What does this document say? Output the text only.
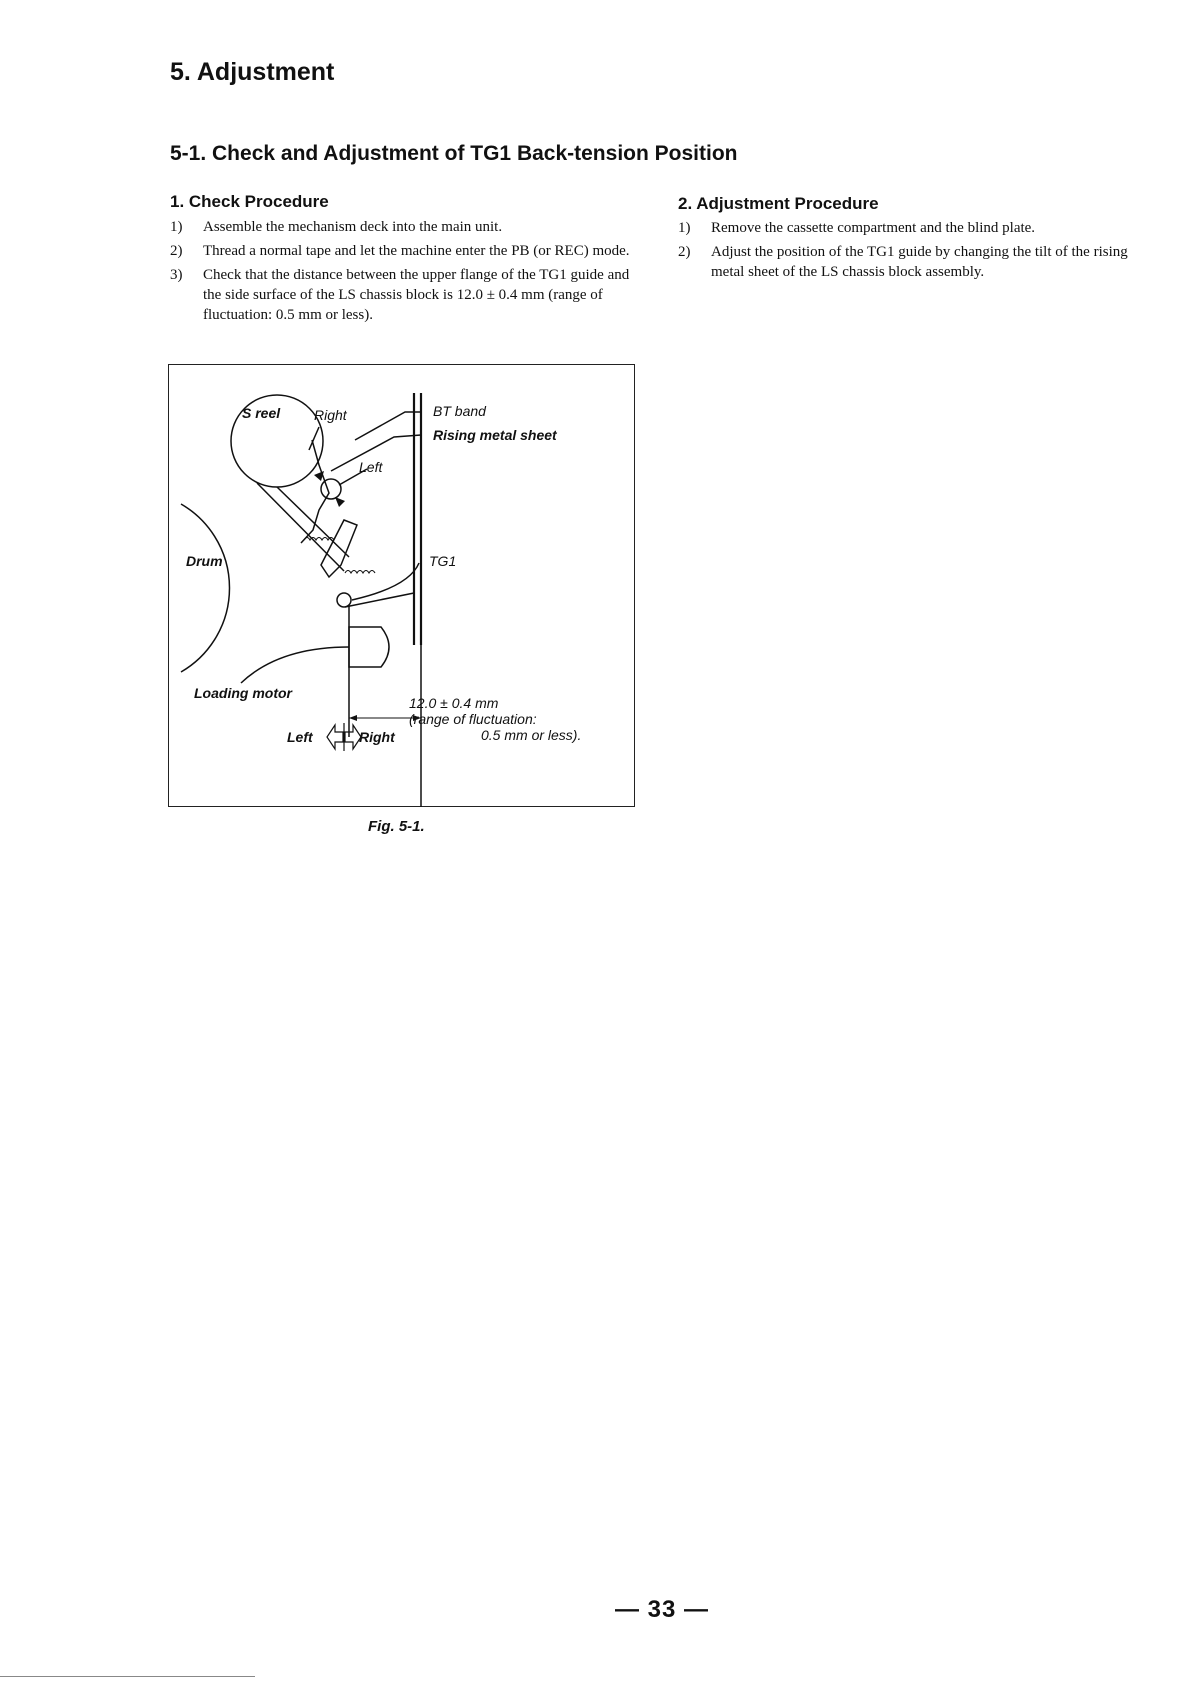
5. Adjustment
5-1. Check and Adjustment of TG1 Back-tension Position
1. Check Procedure
1) Assemble the mechanism deck into the main unit.
2) Thread a normal tape and let the machine enter the PB (or REC) mode.
3) Check that the distance between the upper flange of the TG1 guide and the side surface of the LS chassis block is 12.0 ± 0.4 mm (range of fluctuation: 0.5 mm or less).
2. Adjustment Procedure
1) Remove the cassette compartment and the blind plate.
2) Adjust the position of the TG1 guide by changing the tilt of the rising metal sheet of the LS chassis block assembly.
S reel Right	BT band
Rising metal sheet
Left
Drum	TG1
Loading motor
12.0 ± 0.4 mm
(range of fluctuation:
0.5 mm or less).
Left	Right
Fig. 5-1.
— 33 —
